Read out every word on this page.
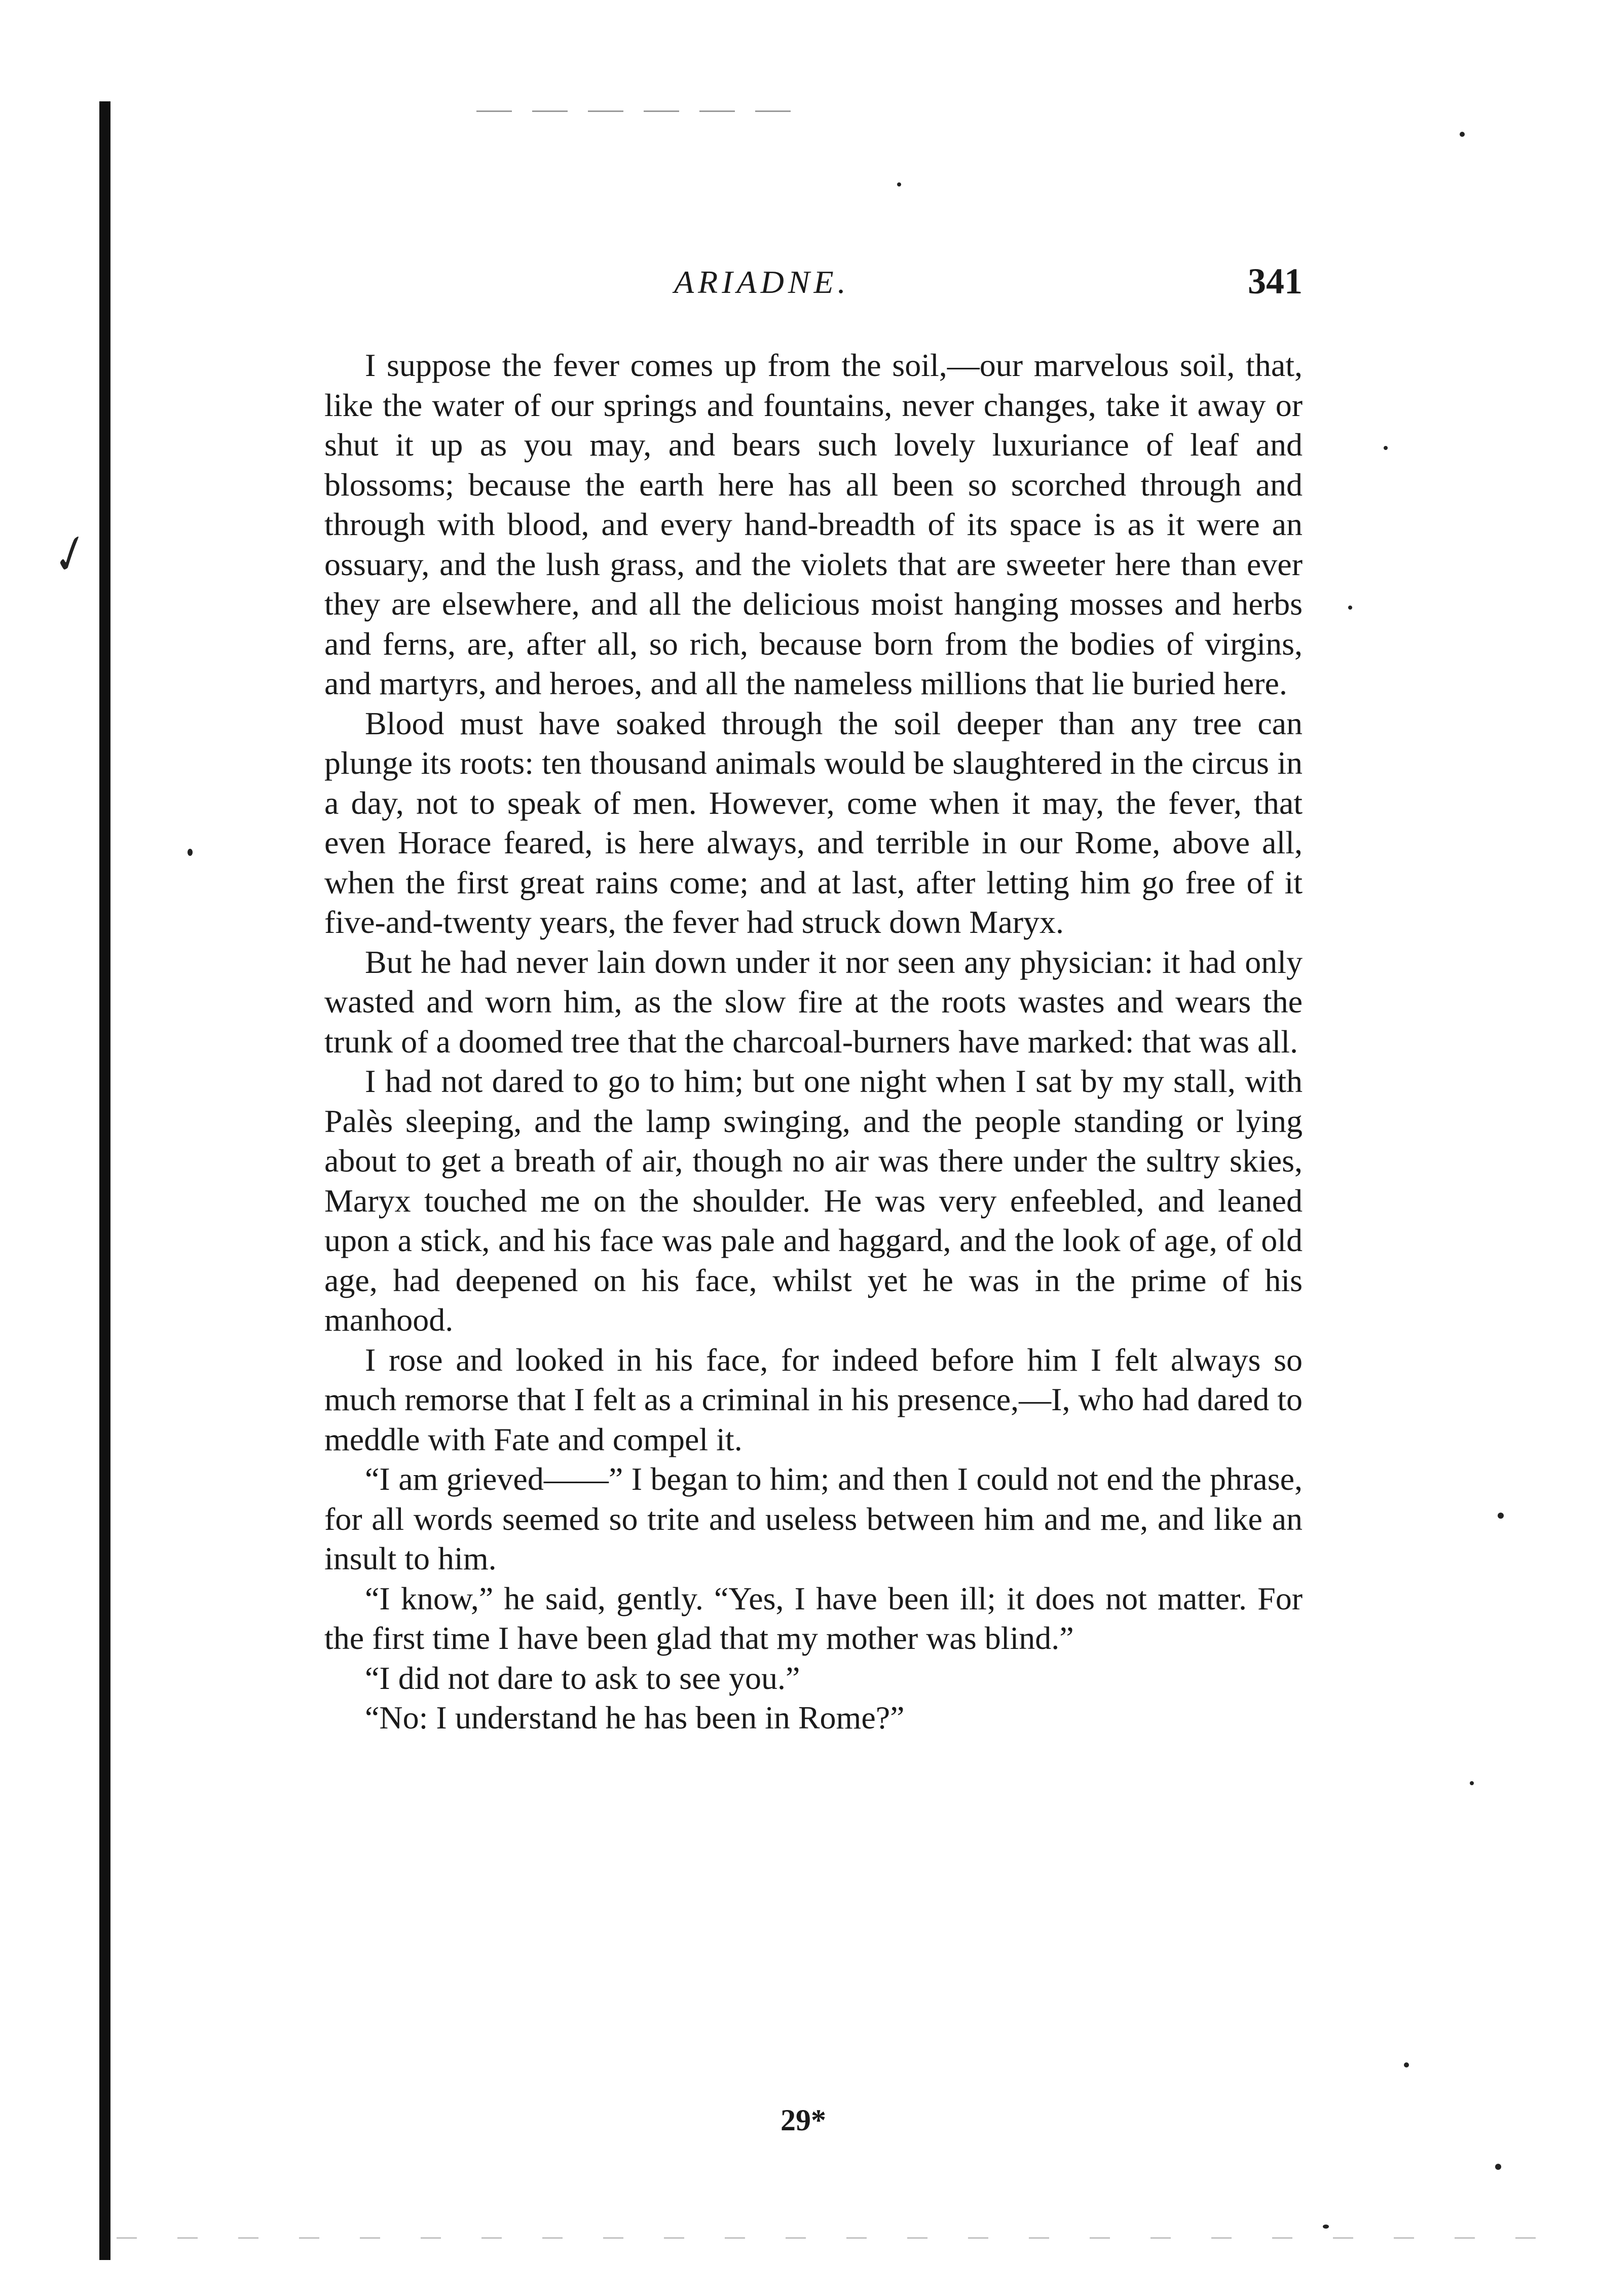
✓
ARIADNE.	341

I suppose the fever comes up from the soil,—our marvelous soil, that, like the water of our springs and fountains, never changes, take it away or shut it up as you may, and bears such lovely luxuriance of leaf and blossoms; because the earth here has all been so scorched through and through with blood, and every hand-breadth of its space is as it were an ossuary, and the lush grass, and the violets that are sweeter here than ever they are elsewhere, and all the delicious moist hanging mosses and herbs and ferns, are, after all, so rich, because born from the bodies of virgins, and martyrs, and heroes, and all the nameless millions that lie buried here.

Blood must have soaked through the soil deeper than any tree can plunge its roots: ten thousand animals would be slaughtered in the circus in a day, not to speak of men. However, come when it may, the fever, that even Horace feared, is here always, and terrible in our Rome, above all, when the first great rains come; and at last, after letting him go free of it five-and-twenty years, the fever had struck down Maryx.

But he had never lain down under it nor seen any physician: it had only wasted and worn him, as the slow fire at the roots wastes and wears the trunk of a doomed tree that the charcoal-burners have marked: that was all.

I had not dared to go to him; but one night when I sat by my stall, with Palès sleeping, and the lamp swinging, and the people standing or lying about to get a breath of air, though no air was there under the sultry skies, Maryx touched me on the shoulder. He was very enfeebled, and leaned upon a stick, and his face was pale and haggard, and the look of age, of old age, had deepened on his face, whilst yet he was in the prime of his manhood.

I rose and looked in his face, for indeed before him I felt always so much remorse that I felt as a criminal in his presence,—I, who had dared to meddle with Fate and compel it.

“I am grieved——” I began to him; and then I could not end the phrase, for all words seemed so trite and useless between him and me, and like an insult to him.

“I know,” he said, gently. “Yes, I have been ill; it does not matter. For the first time I have been glad that my mother was blind.”

“I did not dare to ask to see you.”

“No: I understand he has been in Rome?”

29*
